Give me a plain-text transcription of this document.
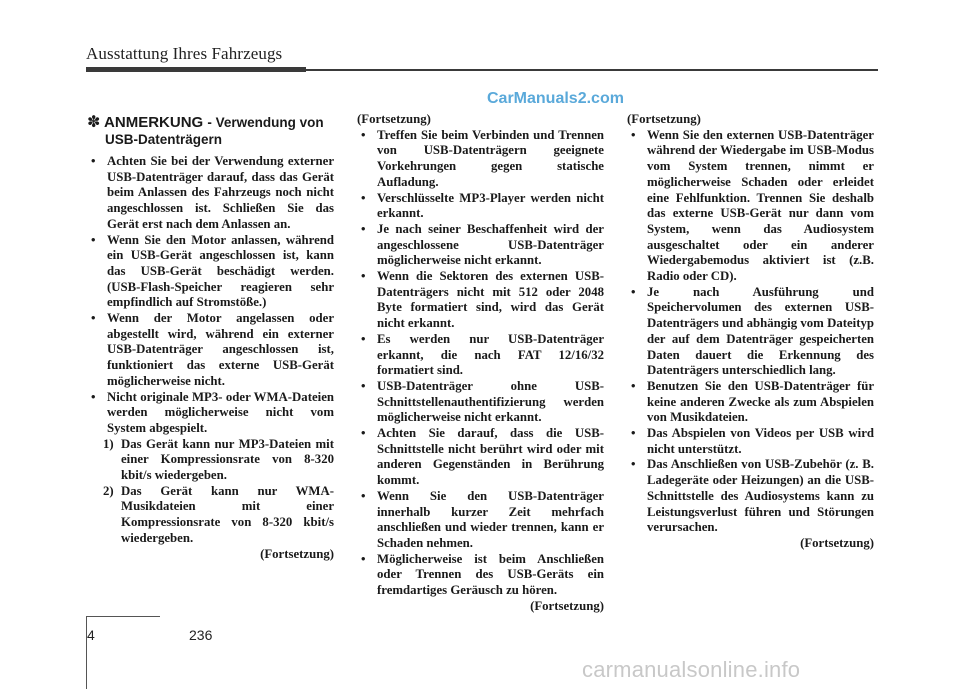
Ausstattung Ihres Fahrzeugs
CarManuals2.com
✽ ANMERKUNG - Verwendung von USB-Datenträgern
• Achten Sie bei der Verwendung externer USB-Datenträger darauf, dass das Gerät beim Anlassen des Fahrzeugs noch nicht angeschlossen ist. Schließen Sie das Gerät erst nach dem Anlassen an.
• Wenn Sie den Motor anlassen, während ein USB-Gerät angeschlossen ist, kann das USB-Gerät beschädigt werden. (USB-Flash-Speicher reagieren sehr empfindlich auf Stromstöße.)
• Wenn der Motor angelassen oder abgestellt wird, während ein externer USB-Datenträger angeschlossen ist, funktioniert das externe USB-Gerät möglicherweise nicht.
• Nicht originale MP3- oder WMA-Dateien werden möglicherweise nicht vom System abgespielt.
1) Das Gerät kann nur MP3-Dateien mit einer Kompressionsrate von 8-320 kbit/s wiedergeben.
2) Das Gerät kann nur WMA-Musikdateien mit einer Kompressionsrate von 8-320 kbit/s wiedergeben.

(Fortsetzung)

(Fortsetzung)

• Treffen Sie beim Verbinden und Trennen von USB-Datenträgern geeignete Vorkehrungen gegen statische Aufladung.
• Verschlüsselte MP3-Player werden nicht erkannt.
• Je nach seiner Beschaffenheit wird der angeschlossene USB-Datenträger möglicherweise nicht erkannt.
• Wenn die Sektoren des externen USB-Datenträgers nicht mit 512 oder 2048 Byte formatiert sind, wird das Gerät nicht erkannt.
• Es werden nur USB-Datenträger erkannt, die nach FAT 12/16/32 formatiert sind.
• USB-Datenträger ohne USB-Schnittstellenauthentifizierung werden möglicherweise nicht erkannt.
• Achten Sie darauf, dass die USB-Schnittstelle nicht berührt wird oder mit anderen Gegenständen in Berührung kommt.
• Wenn Sie den USB-Datenträger innerhalb kurzer Zeit mehrfach anschließen und wieder trennen, kann er Schaden nehmen.
• Möglicherweise ist beim Anschließen oder Trennen des USB-Geräts ein fremdartiges Geräusch zu hören.

(Fortsetzung)

(Fortsetzung)

• Wenn Sie den externen USB-Datenträger während der Wiedergabe im USB-Modus vom System trennen, nimmt er möglicherweise Schaden oder erleidet eine Fehlfunktion. Trennen Sie deshalb das externe USB-Gerät nur dann vom System, wenn das Audiosystem ausgeschaltet oder ein anderer Wiedergabemodus aktiviert ist (z.B. Radio oder CD).
• Je nach Ausführung und Speichervolumen des externen USB-Datenträgers und abhängig vom Dateityp der auf dem Datenträger gespeicherten Daten dauert die Erkennung des Datenträgers unterschiedlich lang.
• Benutzen Sie den USB-Datenträger für keine anderen Zwecke als zum Abspielen von Musikdateien.
• Das Abspielen von Videos per USB wird nicht unterstützt.
• Das Anschließen von USB-Zubehör (z. B. Ladegeräte oder Heizungen) an die USB-Schnittstelle des Audiosystems kann zu Leistungsverlust führen und Störungen verursachen.

(Fortsetzung)

4	236
carmanualsonline.info
